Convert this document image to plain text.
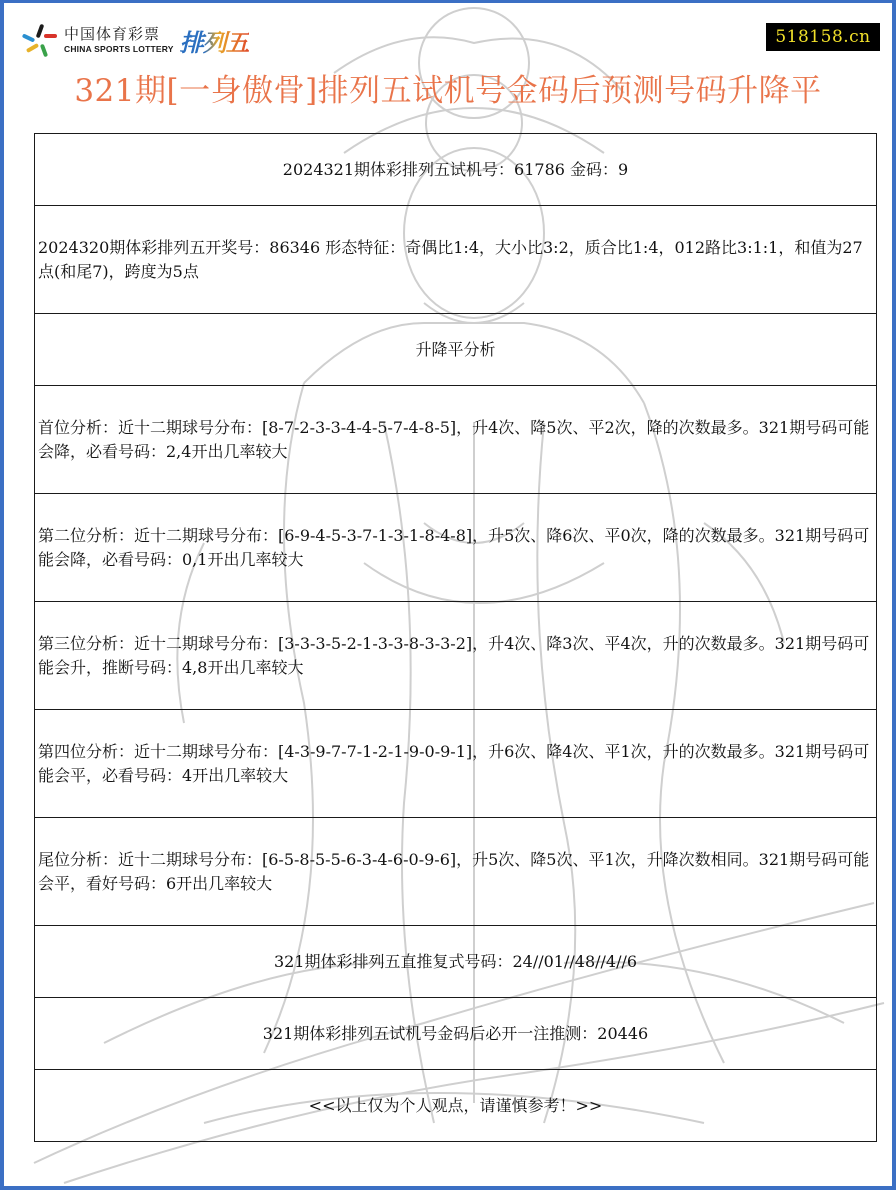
中国体育彩票
CHINA SPORTS LOTTERY 排列五	518158.cn
321期[一身傲骨]排列五试机号金码后预测号码升降平
2024321期体彩排列五试机号：61786 金码：9
2024320期体彩排列五开奖号：86346 形态特征：奇偶比1:4，大小比3:2，质合比1:4，012路比3:1:1，和值为27点(和尾7)，跨度为5点
升降平分析
首位分析：近十二期球号分布：[8-7-2-3-3-4-4-5-7-4-8-5]，升4次、降5次、平2次，降的次数最多。321期号码可能会降，必看号码：2,4开出几率较大
第二位分析：近十二期球号分布：[6-9-4-5-3-7-1-3-1-8-4-8]，升5次、降6次、平0次，降的次数最多。321期号码可能会降，必看号码：0,1开出几率较大
第三位分析：近十二期球号分布：[3-3-3-5-2-1-3-3-8-3-3-2]，升4次、降3次、平4次，升的次数最多。321期号码可能会升，推断号码：4,8开出几率较大
第四位分析：近十二期球号分布：[4-3-9-7-7-1-2-1-9-0-9-1]，升6次、降4次、平1次，升的次数最多。321期号码可能会平，必看号码：4开出几率较大
尾位分析：近十二期球号分布：[6-5-8-5-5-6-3-4-6-0-9-6]，升5次、降5次、平1次，升降次数相同。321期号码可能会平，看好号码：6开出几率较大
321期体彩排列五直推复式号码：24//01//48//4//6
321期体彩排列五试机号金码后必开一注推测：20446
<<以上仅为个人观点，请谨慎参考！>>
